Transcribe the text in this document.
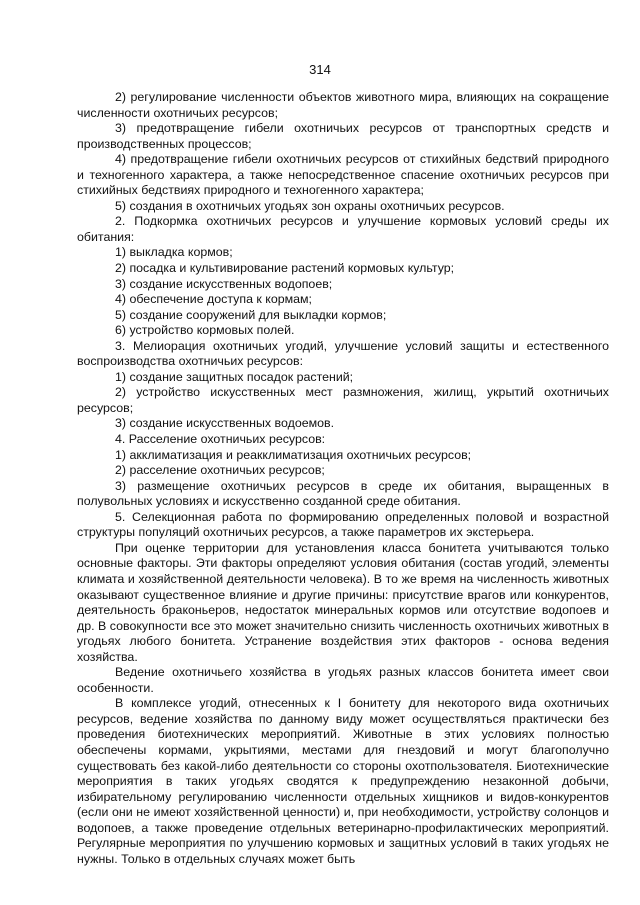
314

2) регулирование численности объектов животного мира, влияющих на сокращение численности охотничьих ресурсов;

3) предотвращение гибели охотничьих ресурсов от транспортных средств и производственных процессов;

4) предотвращение гибели охотничьих ресурсов от стихийных бедствий природного и техногенного характера, а также непосредственное спасение охотничьих ресурсов при стихийных бедствиях природного и техногенного характера;

5) создания в охотничьих угодьях зон охраны охотничьих ресурсов.

2. Подкормка охотничьих ресурсов и улучшение кормовых условий среды их обитания:

1) выкладка кормов;

2) посадка и культивирование растений кормовых культур;

3) создание искусственных водопоев;

4) обеспечение доступа к кормам;

5) создание сооружений для выкладки кормов;

6) устройство кормовых полей.

3. Мелиорация охотничьих угодий, улучшение условий защиты и естественного воспроизводства охотничьих ресурсов:

1) создание защитных посадок растений;

2) устройство искусственных мест размножения, жилищ, укрытий охотничьих ресурсов;

3) создание искусственных водоемов.

4. Расселение охотничьих ресурсов:

1) акклиматизация и реакклиматизация охотничьих ресурсов;

2) расселение охотничьих ресурсов;

3) размещение охотничьих ресурсов в среде их обитания, выращенных в полувольных условиях и искусственно созданной среде обитания.

5. Селекционная работа по формированию определенных половой и возрастной структуры популяций охотничьих ресурсов, а также параметров их экстерьера.

При оценке территории для установления класса бонитета учитываются только основные факторы. Эти факторы определяют условия обитания (состав угодий, элементы климата и хозяйственной деятельности человека). В то же время на численность животных оказывают существенное влияние и другие причины: присутствие врагов или конкурентов, деятельность браконьеров, недостаток минеральных кормов или отсутствие водопоев и др. В совокупности все это может значительно снизить численность охотничьих животных в угодьях любого бонитета. Устранение воздействия этих факторов - основа ведения хозяйства.

Ведение охотничьего хозяйства в угодьях разных классов бонитета имеет свои особенности.

В комплексе угодий, отнесенных к I бонитету для некоторого вида охотничьих ресурсов, ведение хозяйства по данному виду может осуществляться практически без проведения биотехнических мероприятий. Животные в этих условиях полностью обеспечены кормами, укрытиями, местами для гнездовий и могут благополучно существовать без какой-либо деятельности со стороны охотпользователя. Биотехнические мероприятия в таких угодьях сводятся к предупреждению незаконной добычи, избирательному регулированию численности отдельных хищников и видов-конкурентов (если они не имеют хозяйственной ценности) и, при необходимости, устройству солонцов и водопоев, а также проведение отдельных ветеринарно-профилактических мероприятий. Регулярные мероприятия по улучшению кормовых и защитных условий в таких угодьях не нужны. Только в отдельных случаях может быть
